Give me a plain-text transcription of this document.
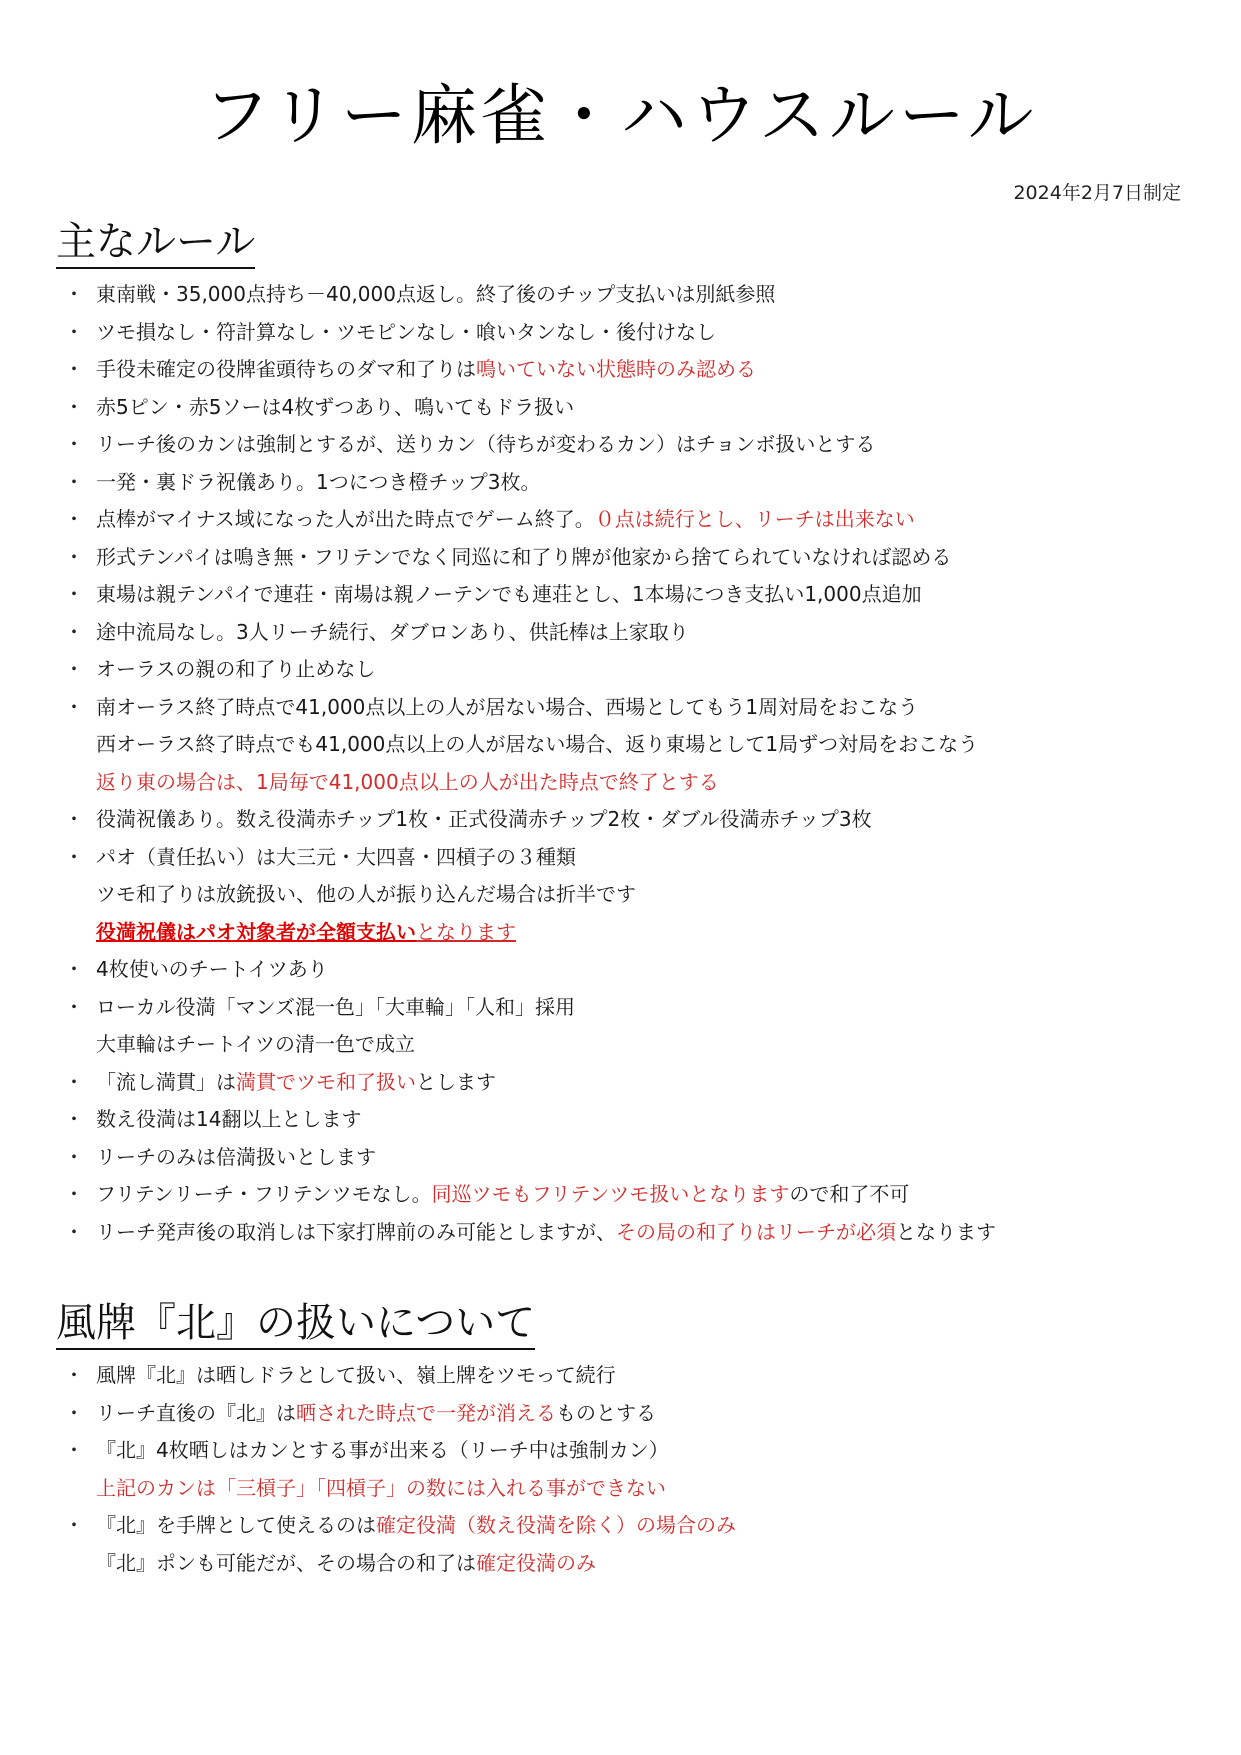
フリー麻雀・ハウスルール
2024年2月7日制定
主なルール
・ 東南戦・35,000点持ち－40,000点返し。終了後のチップ支払いは別紙参照
・ ツモ損なし・符計算なし・ツモピンなし・喰いタンなし・後付けなし
・ 手役未確定の役牌雀頭待ちのダマ和了りは鳴いていない状態時のみ認める
・ 赤5ピン・赤5ソーは4枚ずつあり、鳴いてもドラ扱い
・ リーチ後のカンは強制とするが、送りカン（待ちが変わるカン）はチョンボ扱いとする
・ 一発・裏ドラ祝儀あり。1つにつき橙チップ3枚。
・ 点棒がマイナス域になった人が出た時点でゲーム終了。０点は続行とし、リーチは出来ない
・ 形式テンパイは鳴き無・フリテンでなく同巡に和了り牌が他家から捨てられていなければ認める
・ 東場は親テンパイで連荘・南場は親ノーテンでも連荘とし、1本場につき支払い1,000点追加
・ 途中流局なし。3人リーチ続行、ダブロンあり、供託棒は上家取り
・ オーラスの親の和了り止めなし
・ 南オーラス終了時点で41,000点以上の人が居ない場合、西場としてもう1周対局をおこなう
西オーラス終了時点でも41,000点以上の人が居ない場合、返り東場として1局ずつ対局をおこなう
返り東の場合は、1局毎で41,000点以上の人が出た時点で終了とする
・ 役満祝儀あり。数え役満赤チップ1枚・正式役満赤チップ2枚・ダブル役満赤チップ3枚
・ パオ（責任払い）は大三元・大四喜・四槓子の３種類
ツモ和了りは放銃扱い、他の人が振り込んだ場合は折半です
役満祝儀はパオ対象者が全額支払いとなります
・ 4枚使いのチートイツあり
・ ローカル役満「マンズ混一色」「大車輪」「人和」採用
大車輪はチートイツの清一色で成立
・ 「流し満貫」は満貫でツモ和了扱いとします
・ 数え役満は14翻以上とします
・ リーチのみは倍満扱いとします
・ フリテンリーチ・フリテンツモなし。同巡ツモもフリテンツモ扱いとなりますので和了不可
・ リーチ発声後の取消しは下家打牌前のみ可能としますが、その局の和了りはリーチが必須となります
風牌『北』の扱いについて
・ 風牌『北』は晒しドラとして扱い、嶺上牌をツモって続行
・ リーチ直後の『北』は晒された時点で一発が消えるものとする
・ 『北』4枚晒しはカンとする事が出来る（リーチ中は強制カン）
上記のカンは「三槓子」「四槓子」の数には入れる事ができない
・ 『北』を手牌として使えるのは確定役満（数え役満を除く）の場合のみ
『北』ポンも可能だが、その場合の和了は確定役満のみ
